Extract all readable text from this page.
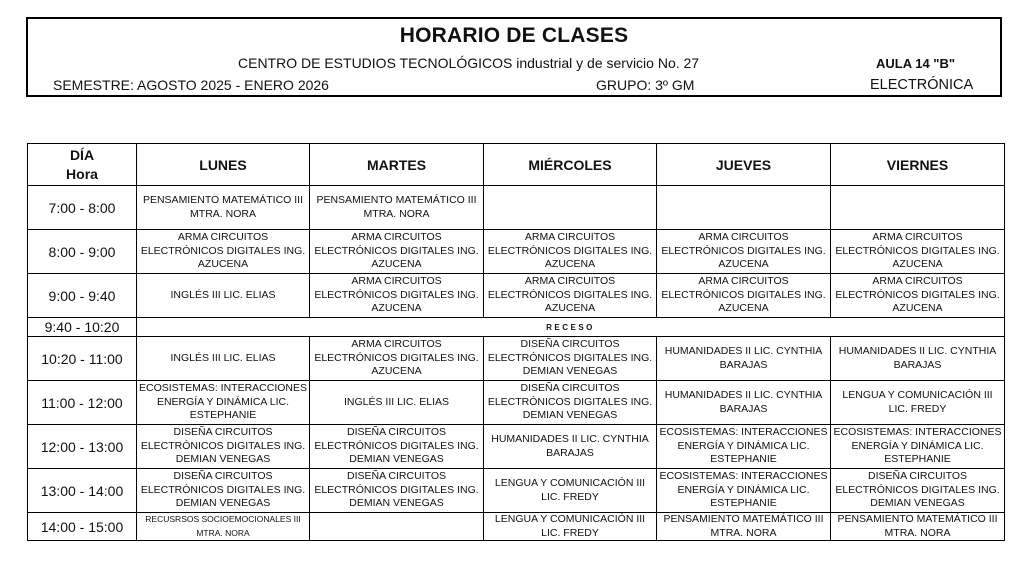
HORARIO DE CLASES
CENTRO DE ESTUDIOS TECNOLÓGICOS industrial y de servicio No. 27	AULA 14 "B"
SEMESTRE: AGOSTO 2025 - ENERO 2026	GRUPO: 3º GM	ELECTRÓNICA
DÍA
Hora	LUNES	MARTES	MIÉRCOLES	JUEVES	VIERNES
7:00 - 8:00	PENSAMIENTO MATEMÁTICO III MTRA. NORA	PENSAMIENTO MATEMÁTICO III MTRA. NORA			
8:00 - 9:00	ARMA CIRCUITOS ELECTRÓNICOS DIGITALES ING. AZUCENA	ARMA CIRCUITOS ELECTRÓNICOS DIGITALES ING. AZUCENA	ARMA CIRCUITOS ELECTRÓNICOS DIGITALES ING. AZUCENA	ARMA CIRCUITOS ELECTRÓNICOS DIGITALES ING. AZUCENA	ARMA CIRCUITOS ELECTRÓNICOS DIGITALES ING. AZUCENA
9:00 - 9:40	INGLÉS III LIC. ELIAS	ARMA CIRCUITOS ELECTRÓNICOS DIGITALES ING. AZUCENA	ARMA CIRCUITOS ELECTRÓNICOS DIGITALES ING. AZUCENA	ARMA CIRCUITOS ELECTRÓNICOS DIGITALES ING. AZUCENA	ARMA CIRCUITOS ELECTRÓNICOS DIGITALES ING. AZUCENA
9:40 - 10:20	RECESO				
10:20 - 11:00	INGLÉS III LIC. ELIAS	ARMA CIRCUITOS ELECTRÓNICOS DIGITALES ING. AZUCENA	DISEÑA CIRCUITOS ELECTRÓNICOS DIGITALES ING. DEMIAN VENEGAS	HUMANIDADES II LIC. CYNTHIA BARAJAS	HUMANIDADES II LIC. CYNTHIA BARAJAS
11:00 - 12:00	ECOSISTEMAS: INTERACCIONES ENERGÍA Y DINÁMICA LIC. ESTEPHANIE	INGLÉS III LIC. ELIAS	DISEÑA CIRCUITOS ELECTRÓNICOS DIGITALES ING. DEMIAN VENEGAS	HUMANIDADES II LIC. CYNTHIA BARAJAS	LENGUA Y COMUNICACIÓN III LIC. FREDY
12:00 - 13:00	DISEÑA CIRCUITOS ELECTRÓNICOS DIGITALES ING. DEMIAN VENEGAS	DISEÑA CIRCUITOS ELECTRÓNICOS DIGITALES ING. DEMIAN VENEGAS	HUMANIDADES II LIC. CYNTHIA BARAJAS	ECOSISTEMAS: INTERACCIONES ENERGÍA Y DINÁMICA LIC. ESTEPHANIE	ECOSISTEMAS: INTERACCIONES ENERGÍA Y DINÁMICA LIC. ESTEPHANIE
13:00 - 14:00	DISEÑA CIRCUITOS ELECTRÓNICOS DIGITALES ING. DEMIAN VENEGAS	DISEÑA CIRCUITOS ELECTRÓNICOS DIGITALES ING. DEMIAN VENEGAS	LENGUA Y COMUNICACIÓN III LIC. FREDY	ECOSISTEMAS: INTERACCIONES ENERGÍA Y DINÁMICA LIC. ESTEPHANIE	DISEÑA CIRCUITOS ELECTRÓNICOS DIGITALES ING. DEMIAN VENEGAS
14:00 - 15:00	RECUSRSOS SOCIOEMOCIONALES III MTRA. NORA		LENGUA Y COMUNICACIÓN III LIC. FREDY	PENSAMIENTO MATEMÁTICO III MTRA. NORA	PENSAMIENTO MATEMÁTICO III MTRA. NORA
